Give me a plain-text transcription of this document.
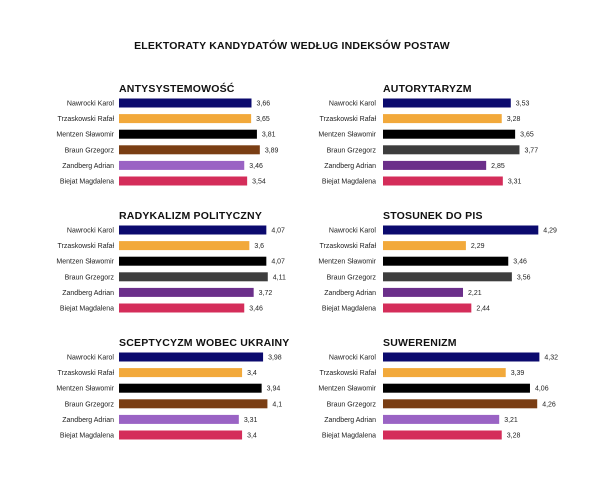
ELEKTORATY KANDYDATÓW WEDŁUG INDEKSÓW POSTAW
ANTYSYSTEMOWOŚĆ
Nawrocki Karol	3,66
Trzaskowski Rafał	3,65
Mentzen Sławomir	3,81
Braun Grzegorz	3,89
Zandberg Adrian	3,46
Biejat Magdalena	3,54
AUTORYTARYZM
Nawrocki Karol	3,53
Trzaskowski Rafał	3,28
Mentzen Sławomir	3,65
Braun Grzegorz	3,77
Zandberg Adrian	2,85
Biejat Magdalena	3,31
RADYKALIZM POLITYCZNY
Nawrocki Karol	4,07
Trzaskowski Rafał	3,6
Mentzen Sławomir	4,07
Braun Grzegorz	4,11
Zandberg Adrian	3,72
Biejat Magdalena	3,46
STOSUNEK DO PIS
Nawrocki Karol	4,29
Trzaskowski Rafał	2,29
Mentzen Sławomir	3,46
Braun Grzegorz	3,56
Zandberg Adrian	2,21
Biejat Magdalena	2,44
SCEPTYCYZM WOBEC UKRAINY
Nawrocki Karol	3,98
Trzaskowski Rafał	3,4
Mentzen Sławomir	3,94
Braun Grzegorz	4,1
Zandberg Adrian	3,31
Biejat Magdalena	3,4
SUWERENIZM
Nawrocki Karol	4,32
Trzaskowski Rafał	3,39
Mentzen Sławomir	4,06
Braun Grzegorz	4,26
Zandberg Adrian	3,21
Biejat Magdalena	3,28
